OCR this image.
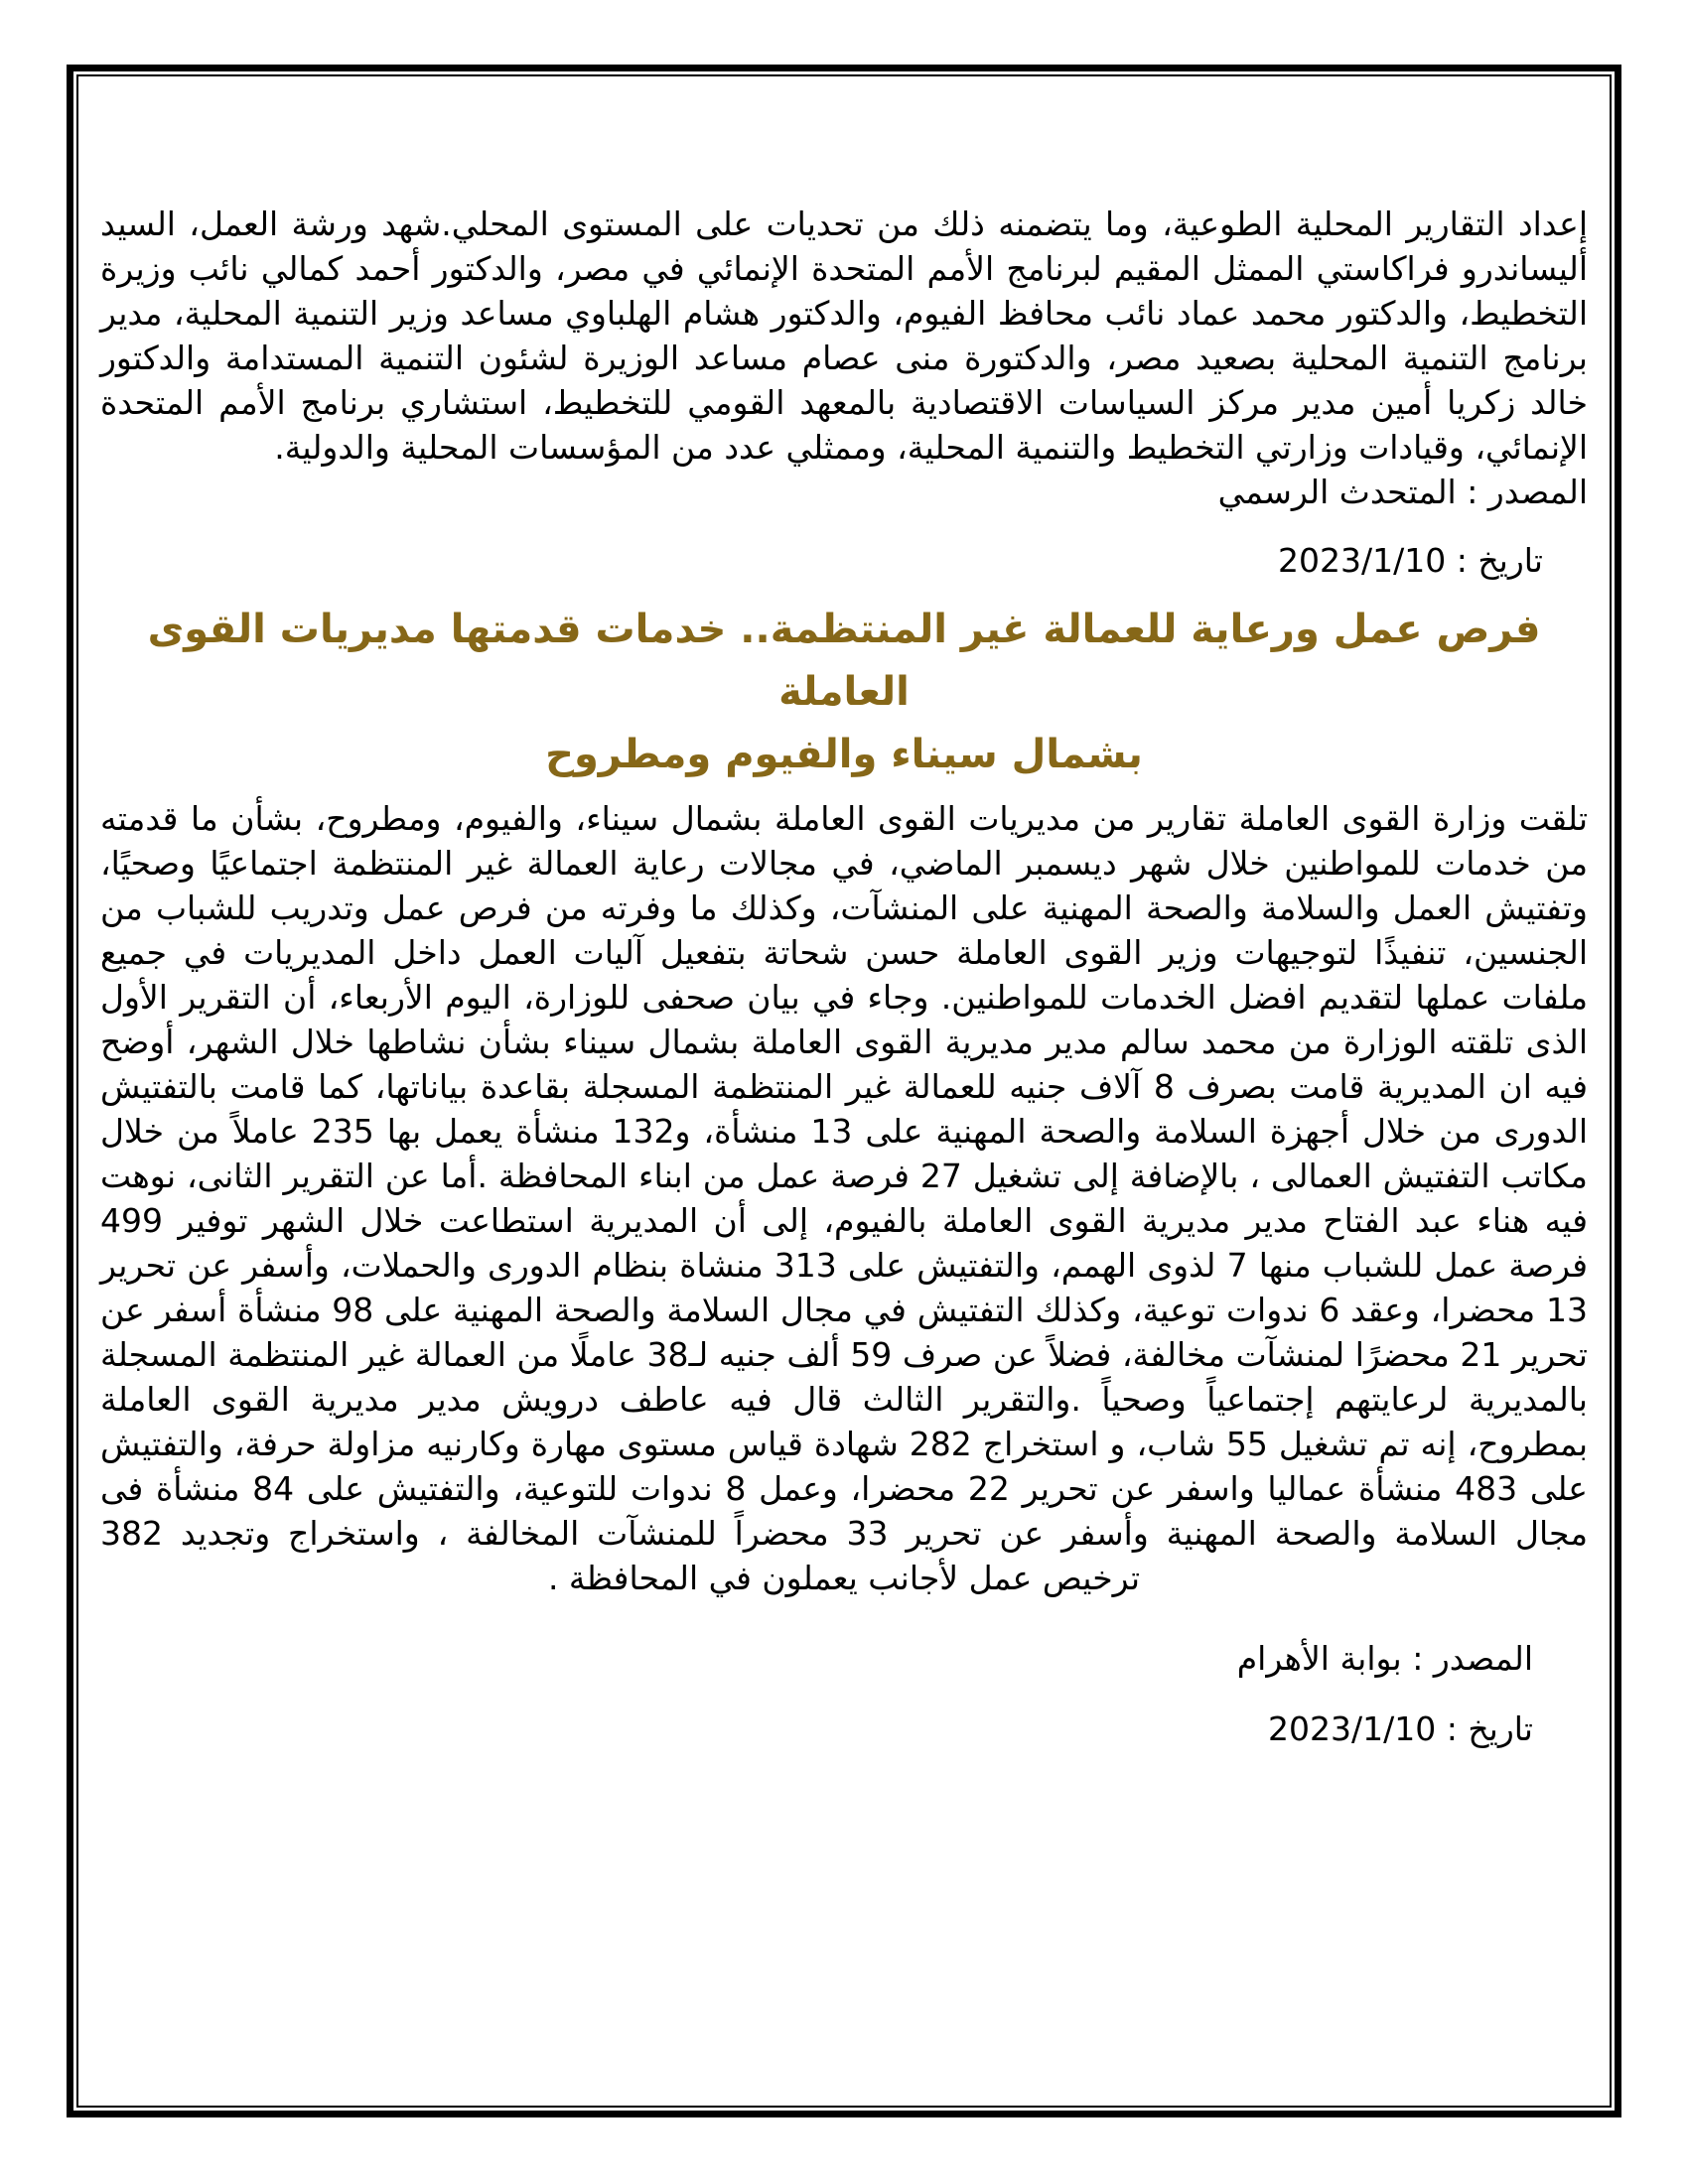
إعداد التقارير المحلية الطوعية، وما يتضمنه ذلك من تحديات على المستوى المحلي.شهد ورشة العمل، السيد أليساندرو فراكاستي الممثل المقيم لبرنامج الأمم المتحدة الإنمائي في مصر، والدكتور أحمد كمالي نائب وزيرة التخطيط، والدكتور محمد عماد نائب محافظ الفيوم، والدكتور هشام الهلباوي مساعد وزير التنمية المحلية، مدير برنامج التنمية المحلية بصعيد مصر، والدكتورة منى عصام مساعد الوزيرة لشئون التنمية المستدامة والدكتور خالد زكريا أمين مدير مركز السياسات الاقتصادية بالمعهد القومي للتخطيط، استشاري برنامج الأمم المتحدة الإنمائي، وقيادات وزارتي التخطيط والتنمية المحلية، وممثلي عدد من المؤسسات المحلية والدولية.

المصدر : المتحدث الرسمي

تاريخ : 2023/1/10

فرص عمل ورعاية للعمالة غير المنتظمة.. خدمات قدمتها مديريات القوى العاملة
بشمال سيناء والفيوم ومطروح

تلقت وزارة القوى العاملة تقارير من مديريات القوى العاملة بشمال سيناء، والفيوم، ومطروح، بشأن ما قدمته من خدمات للمواطنين خلال شهر ديسمبر الماضي، في مجالات رعاية العمالة غير المنتظمة اجتماعيًا وصحيًا، وتفتيش العمل والسلامة والصحة المهنية على المنشآت، وكذلك ما وفرته من فرص عمل وتدريب للشباب من الجنسين، تنفيذًا لتوجيهات وزير القوى العاملة حسن شحاتة بتفعيل آليات العمل داخل المديريات في جميع ملفات عملها لتقديم افضل الخدمات للمواطنين. وجاء في بيان صحفى للوزارة، اليوم الأربعاء، أن التقرير الأول الذى تلقته الوزارة من محمد سالم مدير مديرية القوى العاملة بشمال سيناء بشأن نشاطها خلال الشهر، أوضح فيه ان المديرية قامت بصرف 8 آلاف جنيه للعمالة غير المنتظمة المسجلة بقاعدة بياناتها، كما قامت بالتفتيش الدورى من خلال أجهزة السلامة والصحة المهنية على 13 منشأة، و132 منشأة يعمل بها 235 عاملاً من خلال مكاتب التفتيش العمالى ، بالإضافة إلى تشغيل 27 فرصة عمل من ابناء المحافظة .أما عن التقرير الثانى، نوهت فيه هناء عبد الفتاح مدير مديرية القوى العاملة بالفيوم، إلى أن المديرية استطاعت خلال الشهر توفير 499 فرصة عمل للشباب منها 7 لذوى الهمم، والتفتيش على 313 منشاة بنظام الدورى والحملات، وأسفر عن تحرير 13 محضرا، وعقد 6 ندوات توعية، وكذلك التفتيش في مجال السلامة والصحة المهنية على 98 منشأة أسفر عن تحرير 21 محضرًا لمنشآت مخالفة، فضلاً عن صرف 59 ألف جنيه لـ38 عاملًا من العمالة غير المنتظمة المسجلة بالمديرية لرعايتهم إجتماعياً وصحياً .والتقرير الثالث قال فيه عاطف درويش مدير مديرية القوى العاملة بمطروح، إنه تم تشغيل 55 شاب، و استخراج 282 شهادة قياس مستوى مهارة وكارنيه مزاولة حرفة، والتفتيش على 483 منشأة عماليا واسفر عن تحرير 22 محضرا، وعمل 8 ندوات للتوعية، والتفتيش على 84 منشأة فى مجال السلامة والصحة المهنية وأسفر عن تحرير 33 محضراً للمنشآت المخالفة ، واستخراج وتجديد 382 ترخيص عمل لأجانب يعملون في المحافظة .

المصدر : بوابة الأهرام

تاريخ : 2023/1/10
